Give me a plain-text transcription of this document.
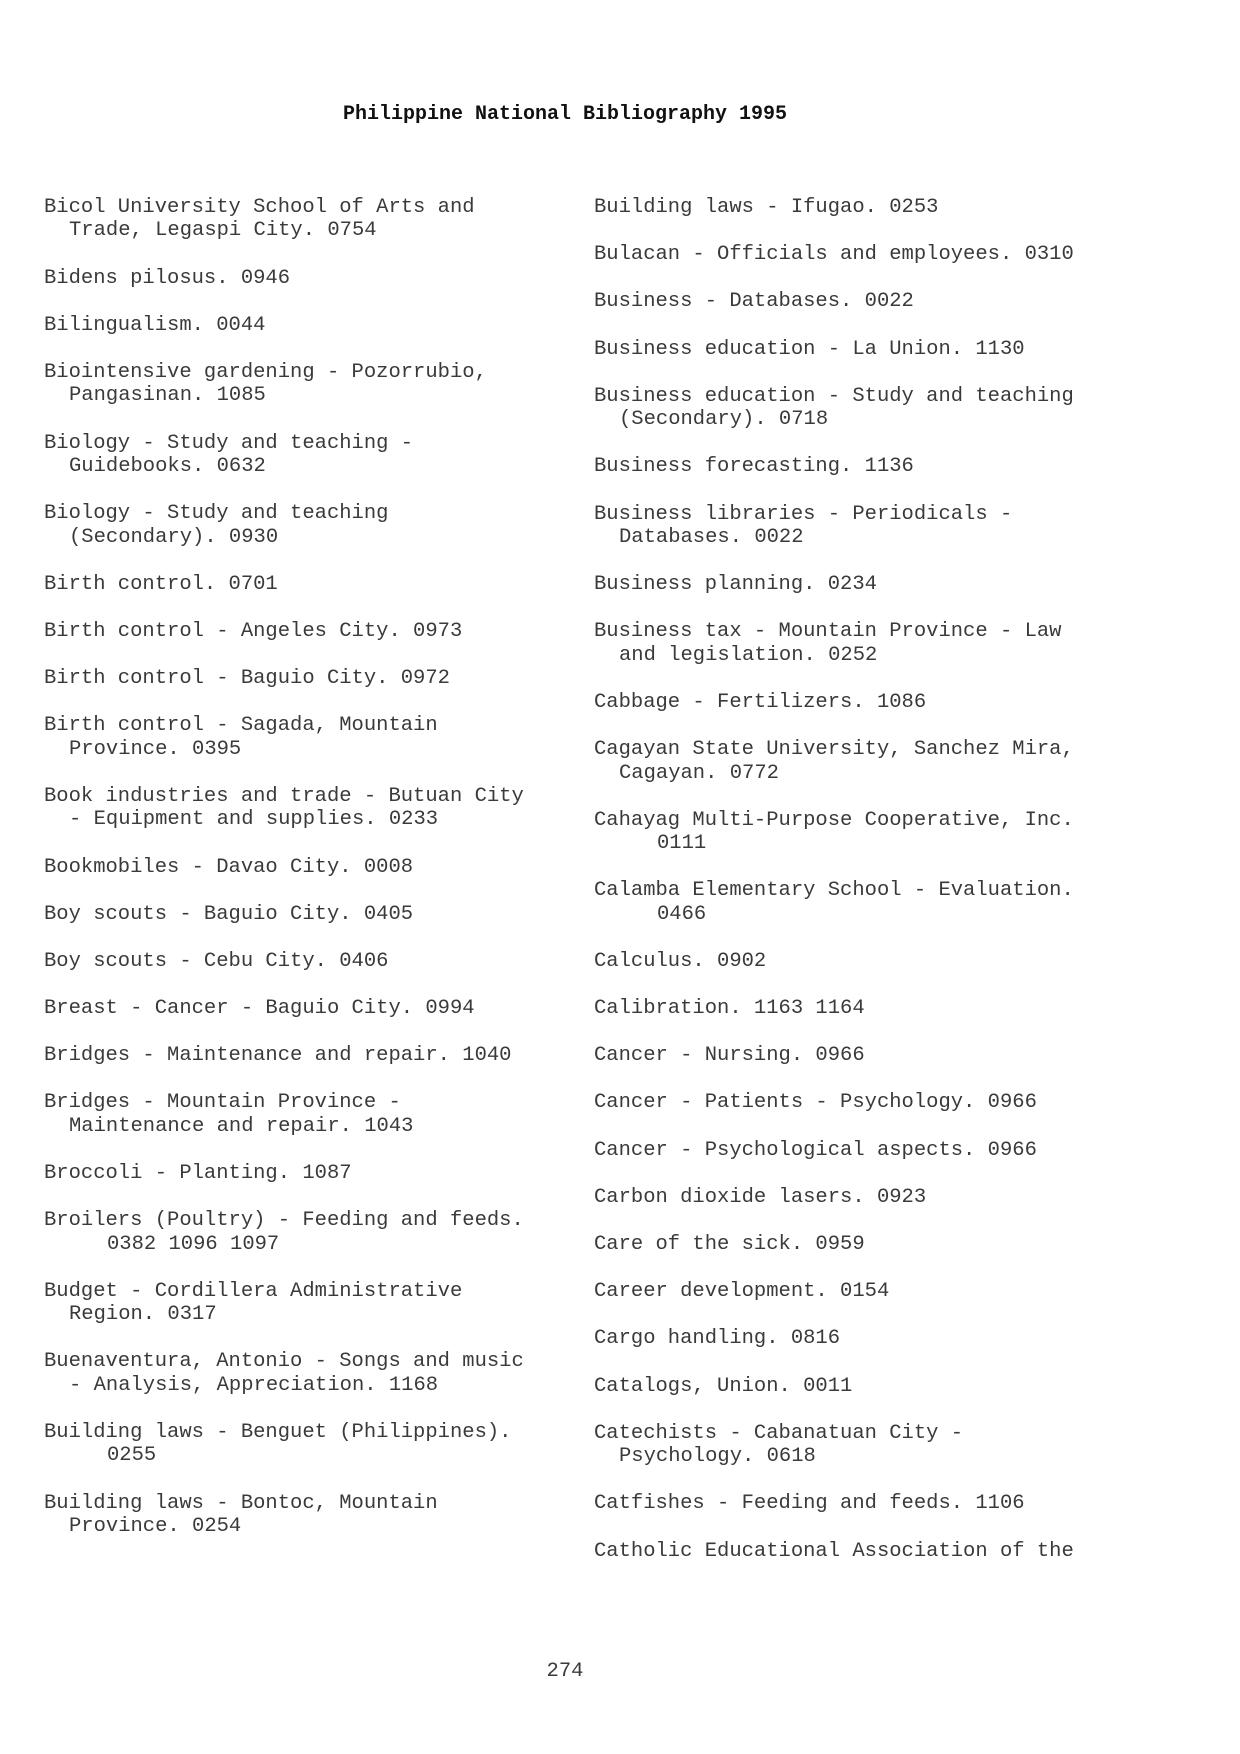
Philippine National Bibliography 1995
Bicol University School of Arts and
Trade, Legaspi City. 0754
Bidens pilosus. 0946
Bilingualism. 0044
Biointensive gardening - Pozorrubio,
Pangasinan. 1085
Biology - Study and teaching -
Guidebooks. 0632
Biology - Study and teaching
(Secondary). 0930
Birth control. 0701
Birth control - Angeles City. 0973
Birth control - Baguio City. 0972
Birth control - Sagada, Mountain
Province. 0395
Book industries and trade - Butuan City
- Equipment and supplies. 0233
Bookmobiles - Davao City. 0008
Boy scouts - Baguio City. 0405
Boy scouts - Cebu City. 0406
Breast - Cancer - Baguio City. 0994
Bridges - Maintenance and repair. 1040
Bridges - Mountain Province -
Maintenance and repair. 1043
Broccoli - Planting. 1087
Broilers (Poultry) - Feeding and feeds.
0382 1096 1097
Budget - Cordillera Administrative
Region. 0317
Buenaventura, Antonio - Songs and music
- Analysis, Appreciation. 1168
Building laws - Benguet (Philippines).
0255
Building laws - Bontoc, Mountain
Province. 0254
Building laws - Ifugao. 0253
Bulacan - Officials and employees. 0310
Business - Databases. 0022
Business education - La Union. 1130
Business education - Study and teaching
(Secondary). 0718
Business forecasting. 1136
Business libraries - Periodicals -
Databases. 0022
Business planning. 0234
Business tax - Mountain Province - Law
and legislation. 0252
Cabbage - Fertilizers. 1086
Cagayan State University, Sanchez Mira,
Cagayan. 0772
Cahayag Multi-Purpose Cooperative, Inc.
0111
Calamba Elementary School - Evaluation.
0466
Calculus. 0902
Calibration. 1163 1164
Cancer - Nursing. 0966
Cancer - Patients - Psychology. 0966
Cancer - Psychological aspects. 0966
Carbon dioxide lasers. 0923
Care of the sick. 0959
Career development. 0154
Cargo handling. 0816
Catalogs, Union. 0011
Catechists - Cabanatuan City -
Psychology. 0618
Catfishes - Feeding and feeds. 1106
Catholic Educational Association of the

274
